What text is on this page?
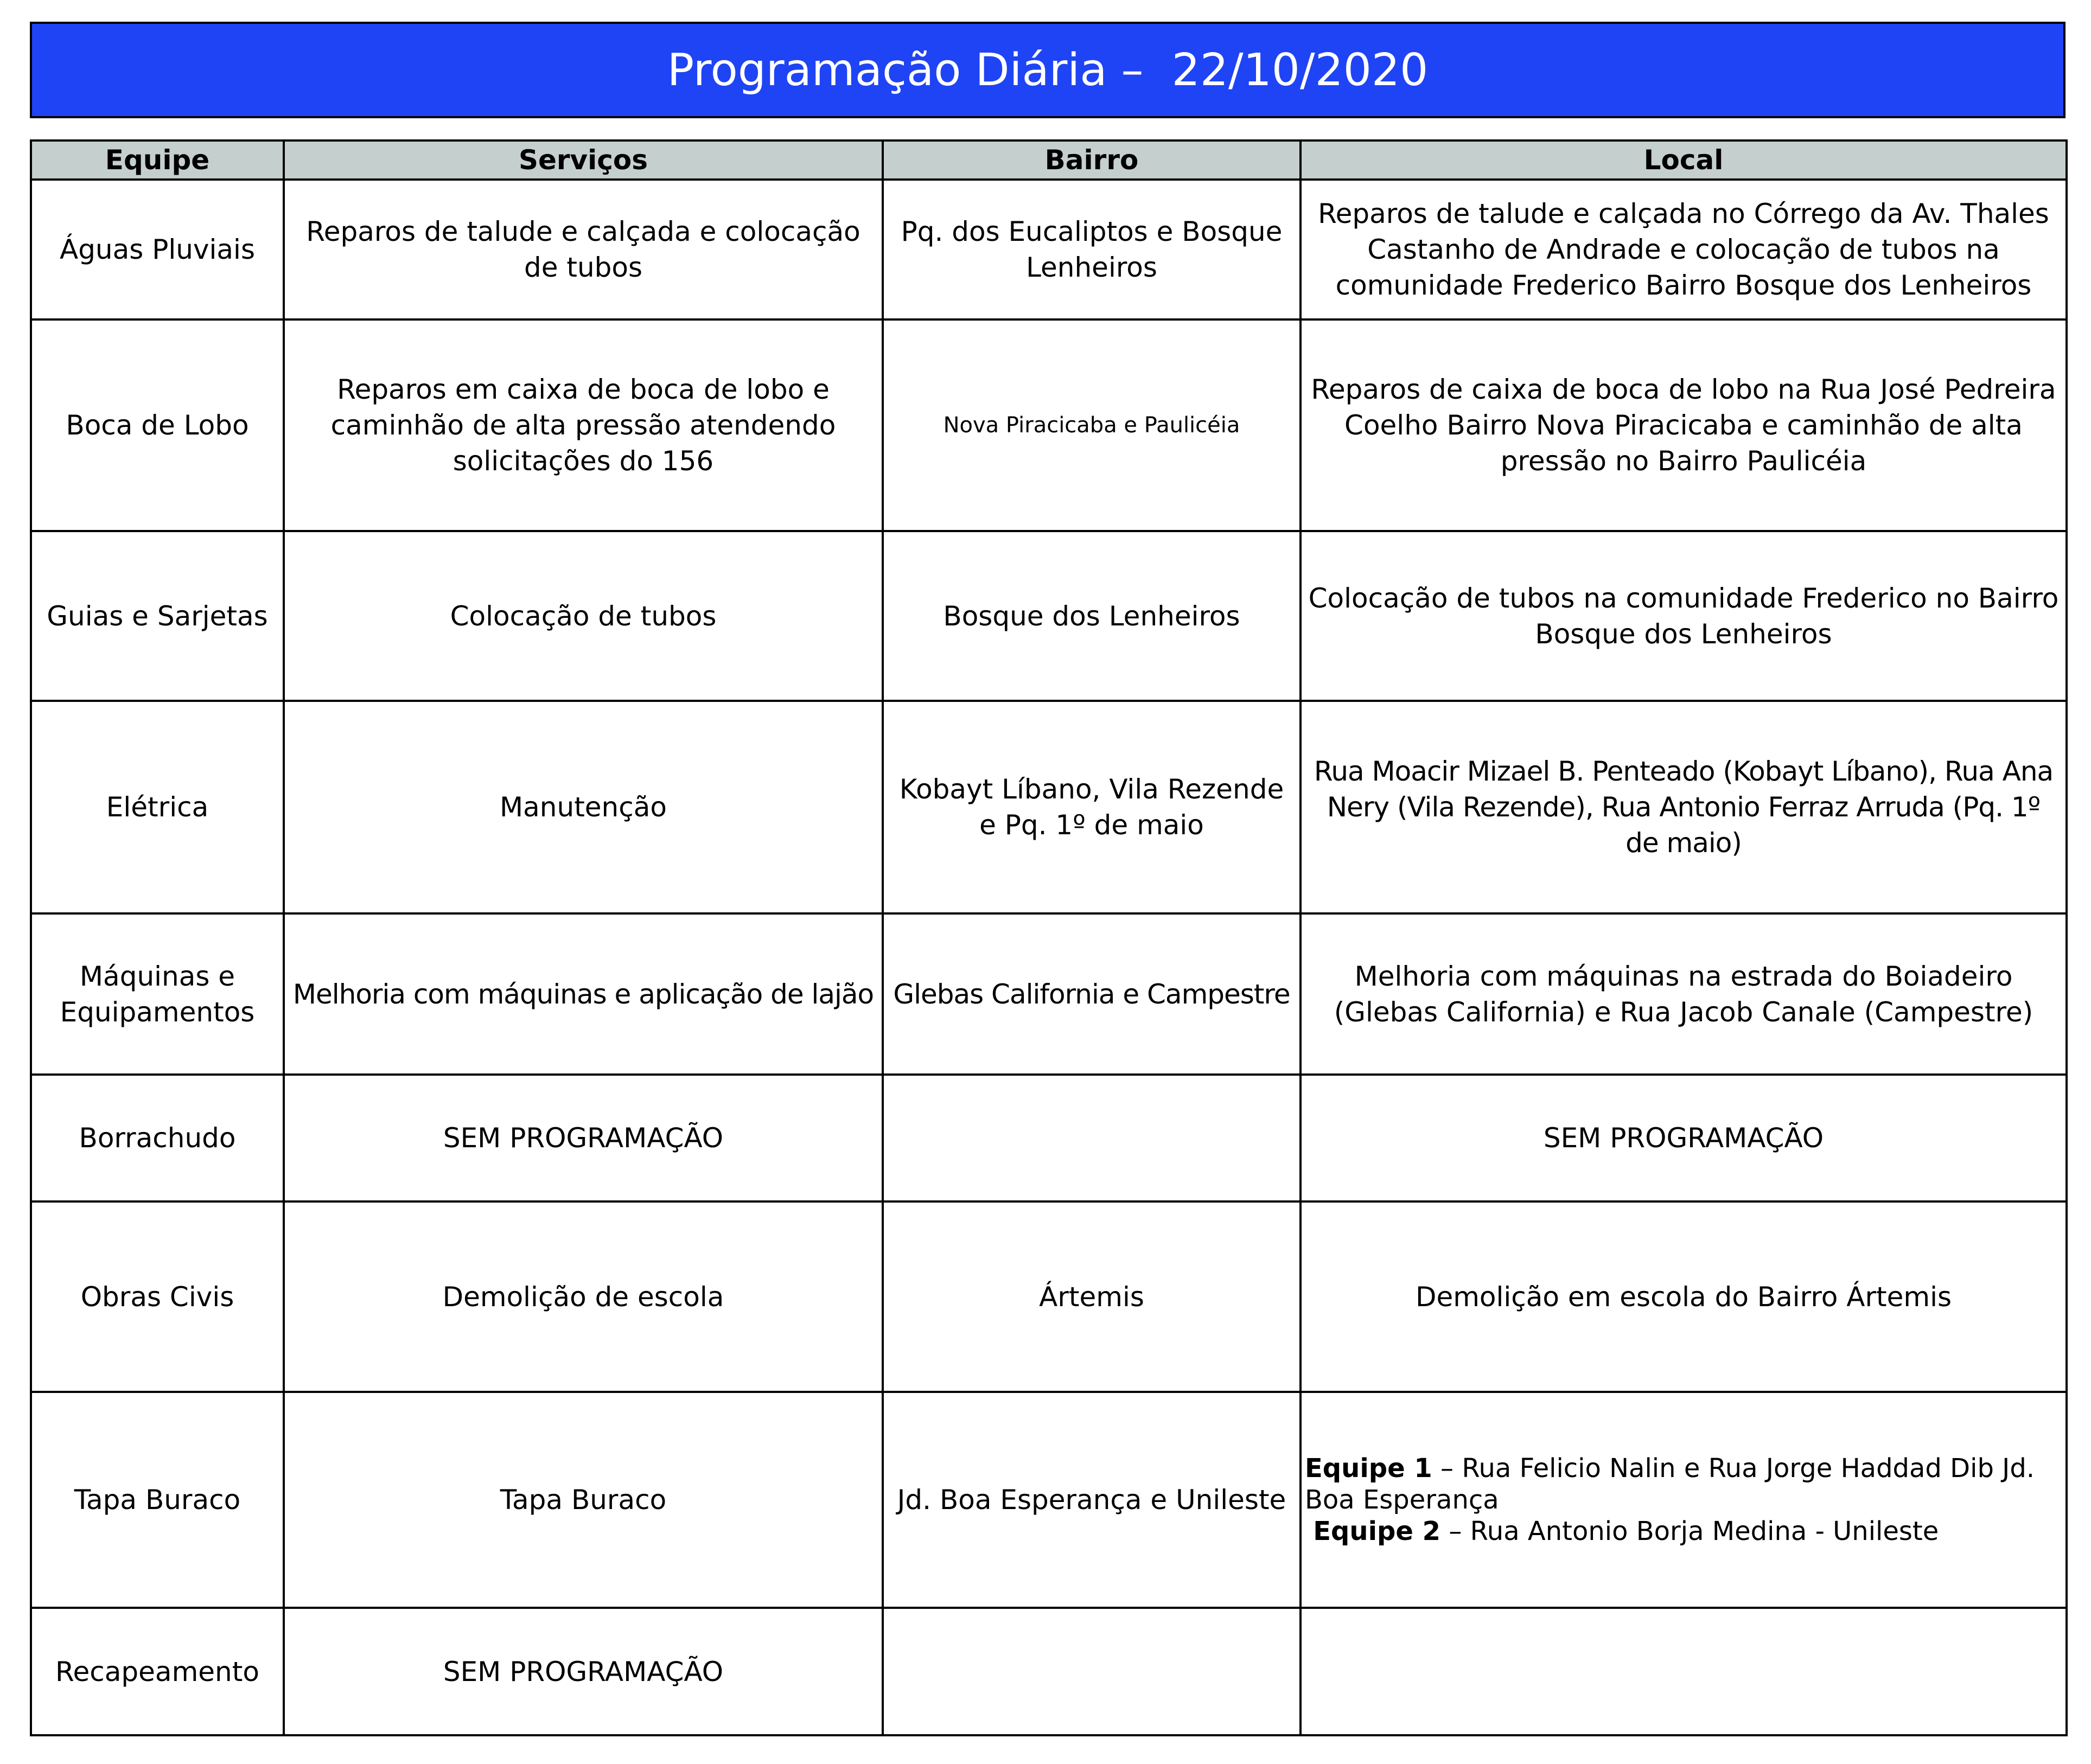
Programação Diária –  22/10/2020
Equipe	Serviços	Bairro	Local
Águas Pluviais	Reparos de talude e calçada e colocação de tubos	Pq. dos Eucaliptos e Bosque Lenheiros	Reparos de talude e calçada no Córrego da Av. Thales Castanho de Andrade e colocação de tubos na comunidade Frederico Bairro Bosque dos Lenheiros
Boca de Lobo	Reparos em caixa de boca de lobo e caminhão de alta pressão atendendo solicitações do 156	Nova Piracicaba e Paulicéia	Reparos de caixa de boca de lobo na Rua José Pedreira Coelho Bairro Nova Piracicaba e caminhão de alta pressão no Bairro Paulicéia
Guias e Sarjetas	Colocação de tubos	Bosque dos Lenheiros	Colocação de tubos na comunidade Frederico no Bairro Bosque dos Lenheiros
Elétrica	Manutenção	Kobayt Líbano, Vila Rezende e Pq. 1º de maio	Rua Moacir Mizael B. Penteado (Kobayt Líbano), Rua Ana Nery (Vila Rezende), Rua Antonio Ferraz Arruda (Pq. 1º de maio)
Máquinas e Equipamentos	Melhoria com máquinas e aplicação de lajão	Glebas California e Campestre	Melhoria com máquinas na estrada do Boiadeiro (Glebas California) e Rua Jacob Canale (Campestre)
Borrachudo	SEM PROGRAMAÇÃO		SEM PROGRAMAÇÃO
Obras Civis	Demolição de escola	Ártemis	Demolição em escola do Bairro Ártemis
Tapa Buraco	Tapa Buraco	Jd. Boa Esperança e Unileste	Equipe 1 – Rua Felicio Nalin e Rua Jorge Haddad Dib Jd. Boa Esperança
Equipe 2 – Rua Antonio Borja Medina - Unileste

Recapeamento	SEM PROGRAMAÇÃO		
